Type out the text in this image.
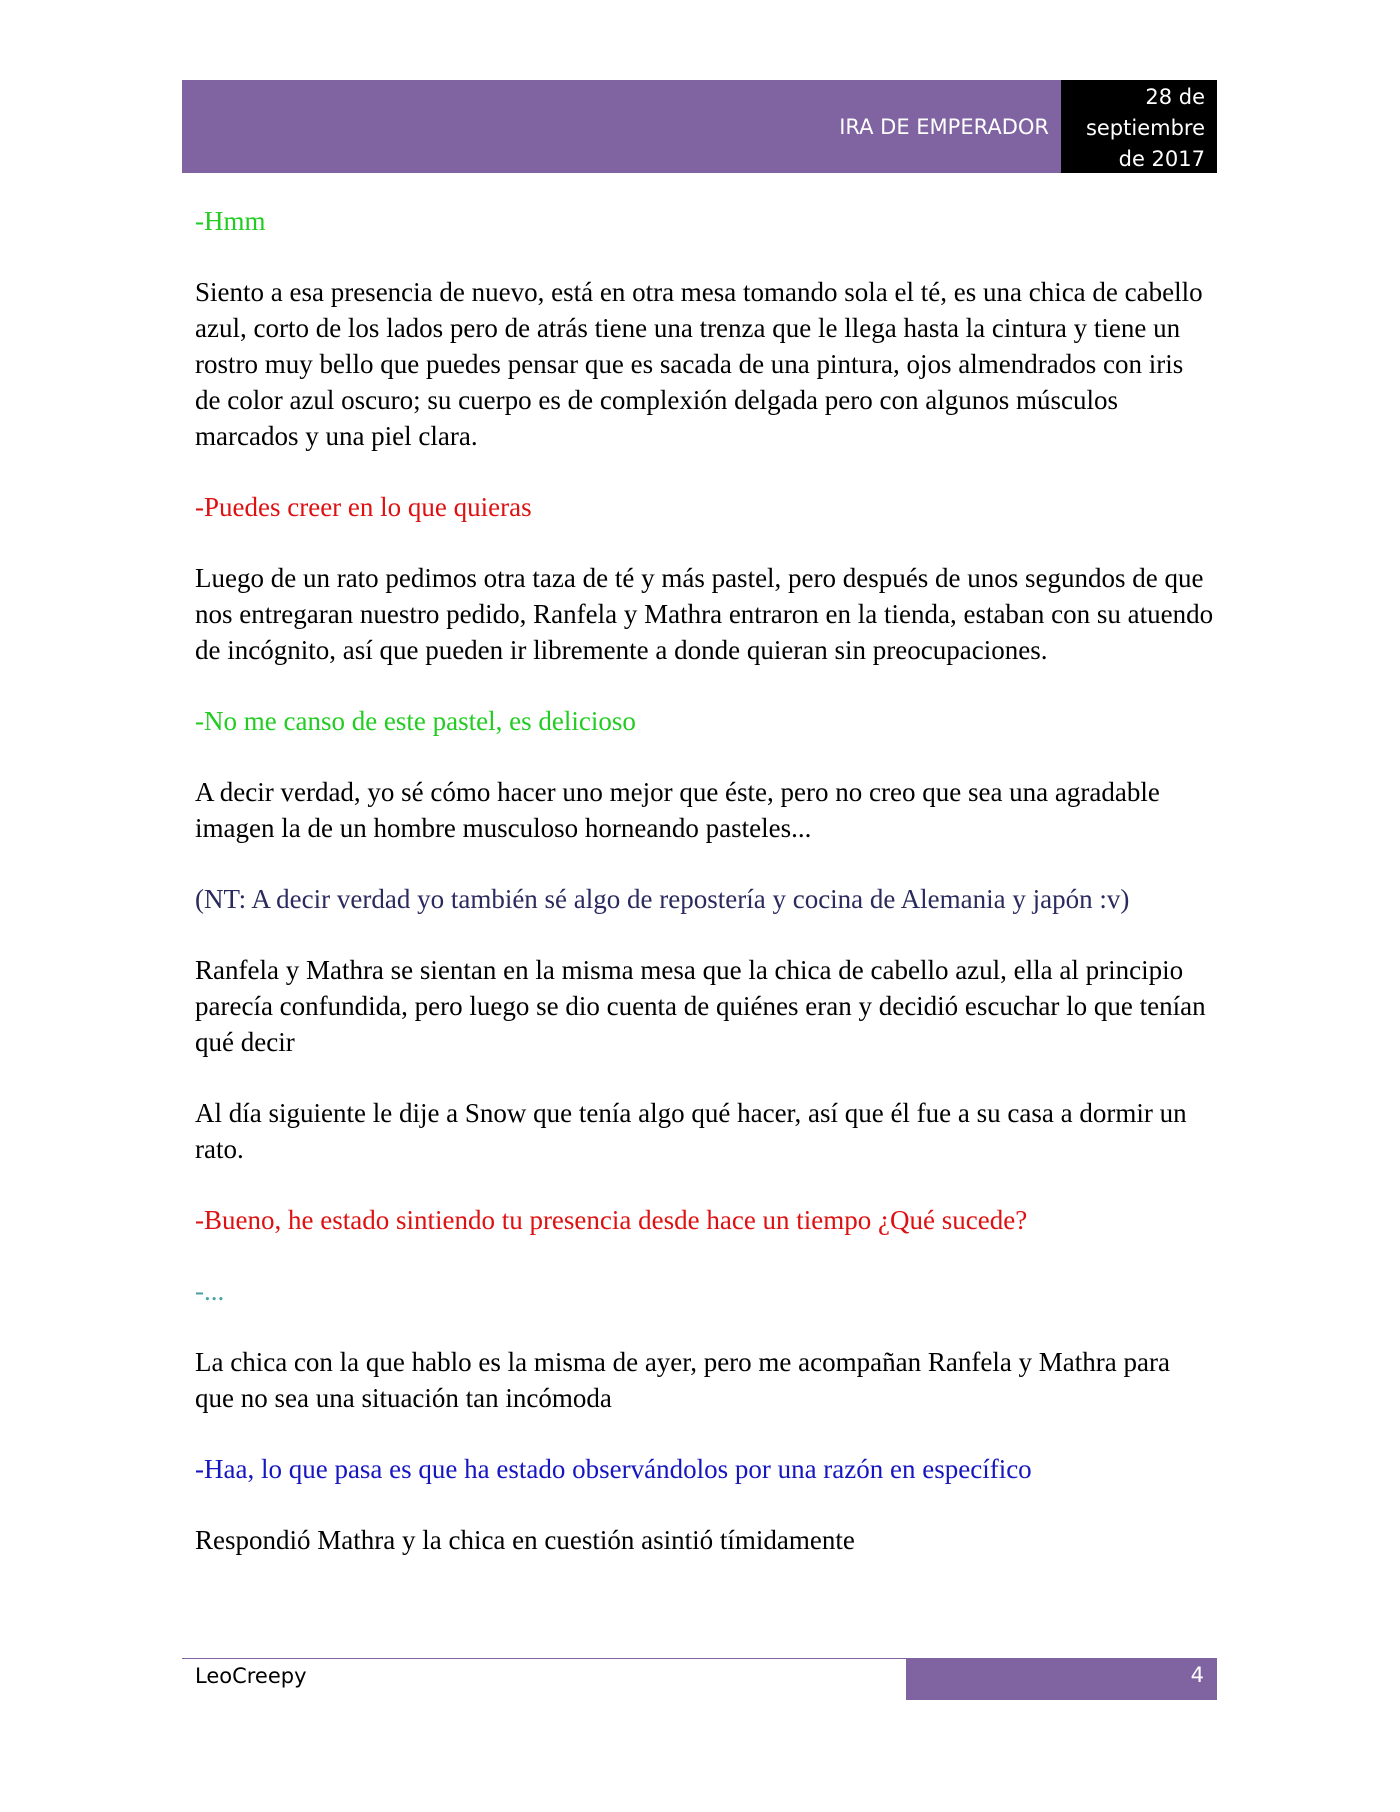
IRA DE EMPERADOR
28 de
septiembre
de 2017

-Hmm

Siento a esa presencia de nuevo, está en otra mesa tomando sola el té, es una chica de cabello azul, corto de los lados pero de atrás tiene una trenza que le llega hasta la cintura y tiene un rostro muy bello que puedes pensar que es sacada de una pintura, ojos almendrados con iris de color azul oscuro; su cuerpo es de complexión delgada pero con algunos músculos marcados y una piel clara.

-Puedes creer en lo que quieras

Luego de un rato pedimos otra taza de té y más pastel, pero después de unos segundos de que nos entregaran nuestro pedido, Ranfela y Mathra entraron en la tienda, estaban con su atuendo de incógnito, así que pueden ir libremente a donde quieran sin preocupaciones.

-No me canso de este pastel, es delicioso

A decir verdad, yo sé cómo hacer uno mejor que éste, pero no creo que sea una agradable imagen la de un hombre musculoso horneando pasteles...

(NT: A decir verdad yo también sé algo de repostería y cocina de Alemania y japón :v)

Ranfela y Mathra se sientan en la misma mesa que la chica de cabello azul, ella al principio parecía confundida, pero luego se dio cuenta de quiénes eran y decidió escuchar lo que tenían qué decir

Al día siguiente le dije a Snow que tenía algo qué hacer, así que él fue a su casa a dormir un rato.

-Bueno, he estado sintiendo tu presencia desde hace un tiempo ¿Qué sucede?

-...

La chica con la que hablo es la misma de ayer, pero me acompañan Ranfela y Mathra para que no sea una situación tan incómoda

-Haa, lo que pasa es que ha estado observándolos por una razón en específico

Respondió Mathra y la chica en cuestión asintió tímidamente

LeoCreepy	4
